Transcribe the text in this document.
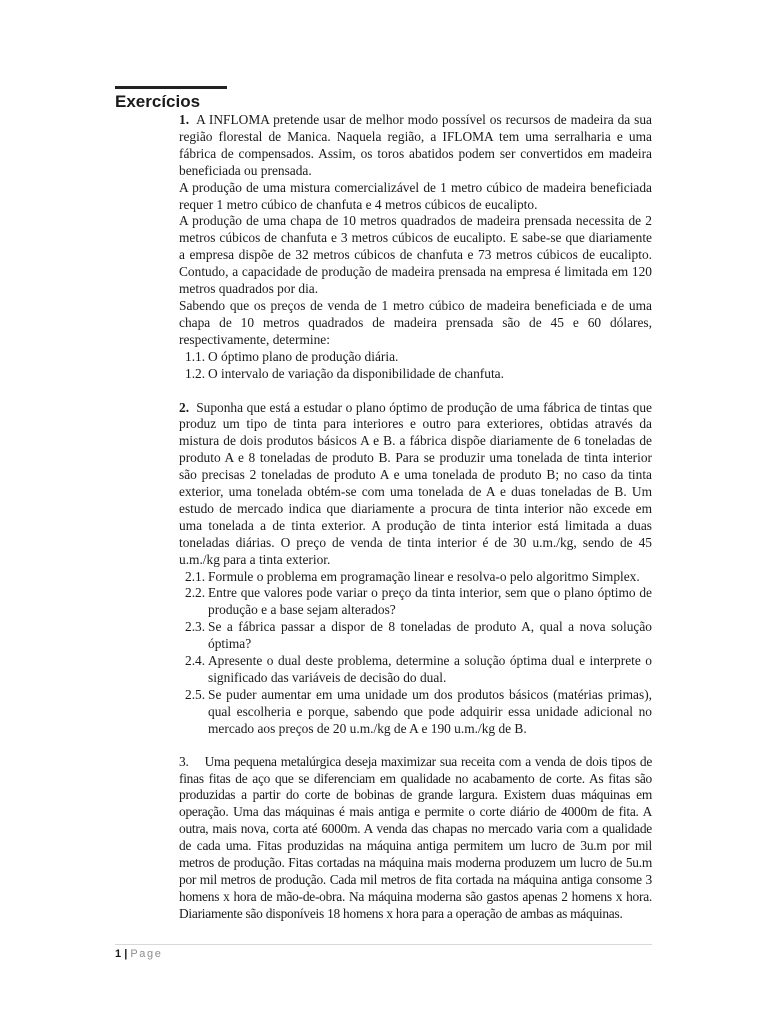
Exercícios

1. A INFLOMA pretende usar de melhor modo possível os recursos de madeira da sua região florestal de Manica. Naquela região, a IFLOMA tem uma serralharia e uma fábrica de compensados. Assim, os toros abatidos podem ser convertidos em madeira beneficiada ou prensada.

A produção de uma mistura comercializável de 1 metro cúbico de madeira beneficiada requer 1 metro cúbico de chanfuta e 4 metros cúbicos de eucalipto.

A produção de uma chapa de 10 metros quadrados de madeira prensada necessita de 2 metros cúbicos de chanfuta e 3 metros cúbicos de eucalipto. E sabe-se que diariamente a empresa dispõe de 32 metros cúbicos de chanfuta e 73 metros cúbicos de eucalipto. Contudo, a capacidade de produção de madeira prensada na empresa é limitada em 120 metros quadrados por dia.

Sabendo que os preços de venda de 1 metro cúbico de madeira beneficiada e de uma chapa de 10 metros quadrados de madeira prensada são de 45 e 60 dólares, respectivamente, determine:

1.1. O óptimo plano de produção diária.
1.2. O intervalo de variação da disponibilidade de chanfuta.

2. Suponha que está a estudar o plano óptimo de produção de uma fábrica de tintas que produz um tipo de tinta para interiores e outro para exteriores, obtidas através da mistura de dois produtos básicos A e B. a fábrica dispõe diariamente de 6 toneladas de produto A e 8 toneladas de produto B. Para se produzir uma tonelada de tinta interior são precisas 2 toneladas de produto A e uma tonelada de produto B; no caso da tinta exterior, uma tonelada obtém-se com uma tonelada de A e duas toneladas de B. Um estudo de mercado indica que diariamente a procura de tinta interior não excede em uma tonelada a de tinta exterior. A produção de tinta interior está limitada a duas toneladas diárias. O preço de venda de tinta interior é de 30 u.m./kg, sendo de 45 u.m./kg para a tinta exterior.

2.1. Formule o problema em programação linear e resolva-o pelo algoritmo Simplex.
2.2. Entre que valores pode variar o preço da tinta interior, sem que o plano óptimo de produção e a base sejam alterados?
2.3. Se a fábrica passar a dispor de 8 toneladas de produto A, qual a nova solução óptima?
2.4. Apresente o dual deste problema, determine a solução óptima dual e interprete o significado das variáveis de decisão do dual.
2.5. Se puder aumentar em uma unidade um dos produtos básicos (matérias primas), qual escolheria e porque, sabendo que pode adquirir essa unidade adicional no mercado aos preços de 20 u.m./kg de A e 190 u.m./kg de B.

3. Uma pequena metalúrgica deseja maximizar sua receita com a venda de dois tipos de finas fitas de aço que se diferenciam em qualidade no acabamento de corte. As fitas são produzidas a partir do corte de bobinas de grande largura. Existem duas máquinas em operação. Uma das máquinas é mais antiga e permite o corte diário de 4000m de fita. A outra, mais nova, corta até 6000m. A venda das chapas no mercado varia com a qualidade de cada uma. Fitas produzidas na máquina antiga permitem um lucro de 3u.m por mil metros de produção. Fitas cortadas na máquina mais moderna produzem um lucro de 5u.m por mil metros de produção. Cada mil metros de fita cortada na máquina antiga consome 3 homens x hora de mão-de-obra. Na máquina moderna são gastos apenas 2 homens x hora. Diariamente são disponíveis 18 homens x hora para a operação de ambas as máquinas.

1 | Page
